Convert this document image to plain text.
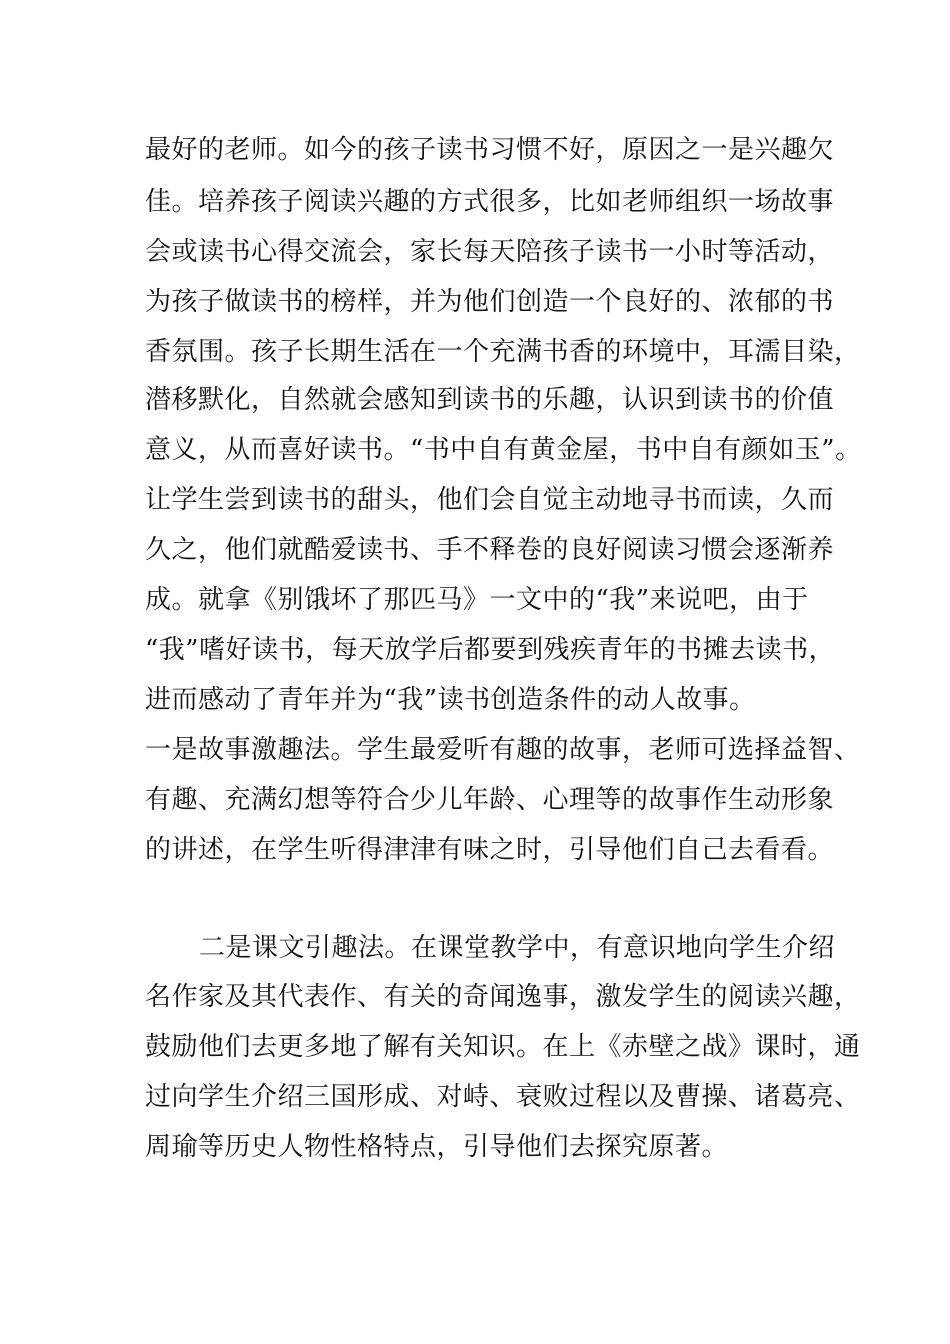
最好的老师。如今的孩子读书习惯不好，原因之一是兴趣欠
佳。培养孩子阅读兴趣的方式很多，比如老师组织一场故事
会或读书心得交流会，家长每天陪孩子读书一小时等活动，
为孩子做读书的榜样，并为他们创造一个良好的、浓郁的书
香氛围。孩子长期生活在一个充满书香的环境中，耳濡目染，
潜移默化，自然就会感知到读书的乐趣，认识到读书的价值
意义，从而喜好读书。“书中自有黄金屋，书中自有颜如玉”。
让学生尝到读书的甜头，他们会自觉主动地寻书而读，久而
久之，他们就酷爱读书、手不释卷的良好阅读习惯会逐渐养
成。就拿《别饿坏了那匹马》一文中的“我”来说吧，由于
“我”嗜好读书，每天放学后都要到残疾青年的书摊去读书，
进而感动了青年并为“我”读书创造条件的动人故事。
一是故事激趣法。学生最爱听有趣的故事，老师可选择益智、
有趣、充满幻想等符合少儿年龄、心理等的故事作生动形象
的讲述，在学生听得津津有味之时，引导他们自己去看看。
二是课文引趣法。在课堂教学中，有意识地向学生介绍
名作家及其代表作、有关的奇闻逸事，激发学生的阅读兴趣，
鼓励他们去更多地了解有关知识。在上《赤壁之战》课时，通
过向学生介绍三国形成、对峙、衰败过程以及曹操、诸葛亮、
周瑜等历史人物性格特点，引导他们去探究原著。
